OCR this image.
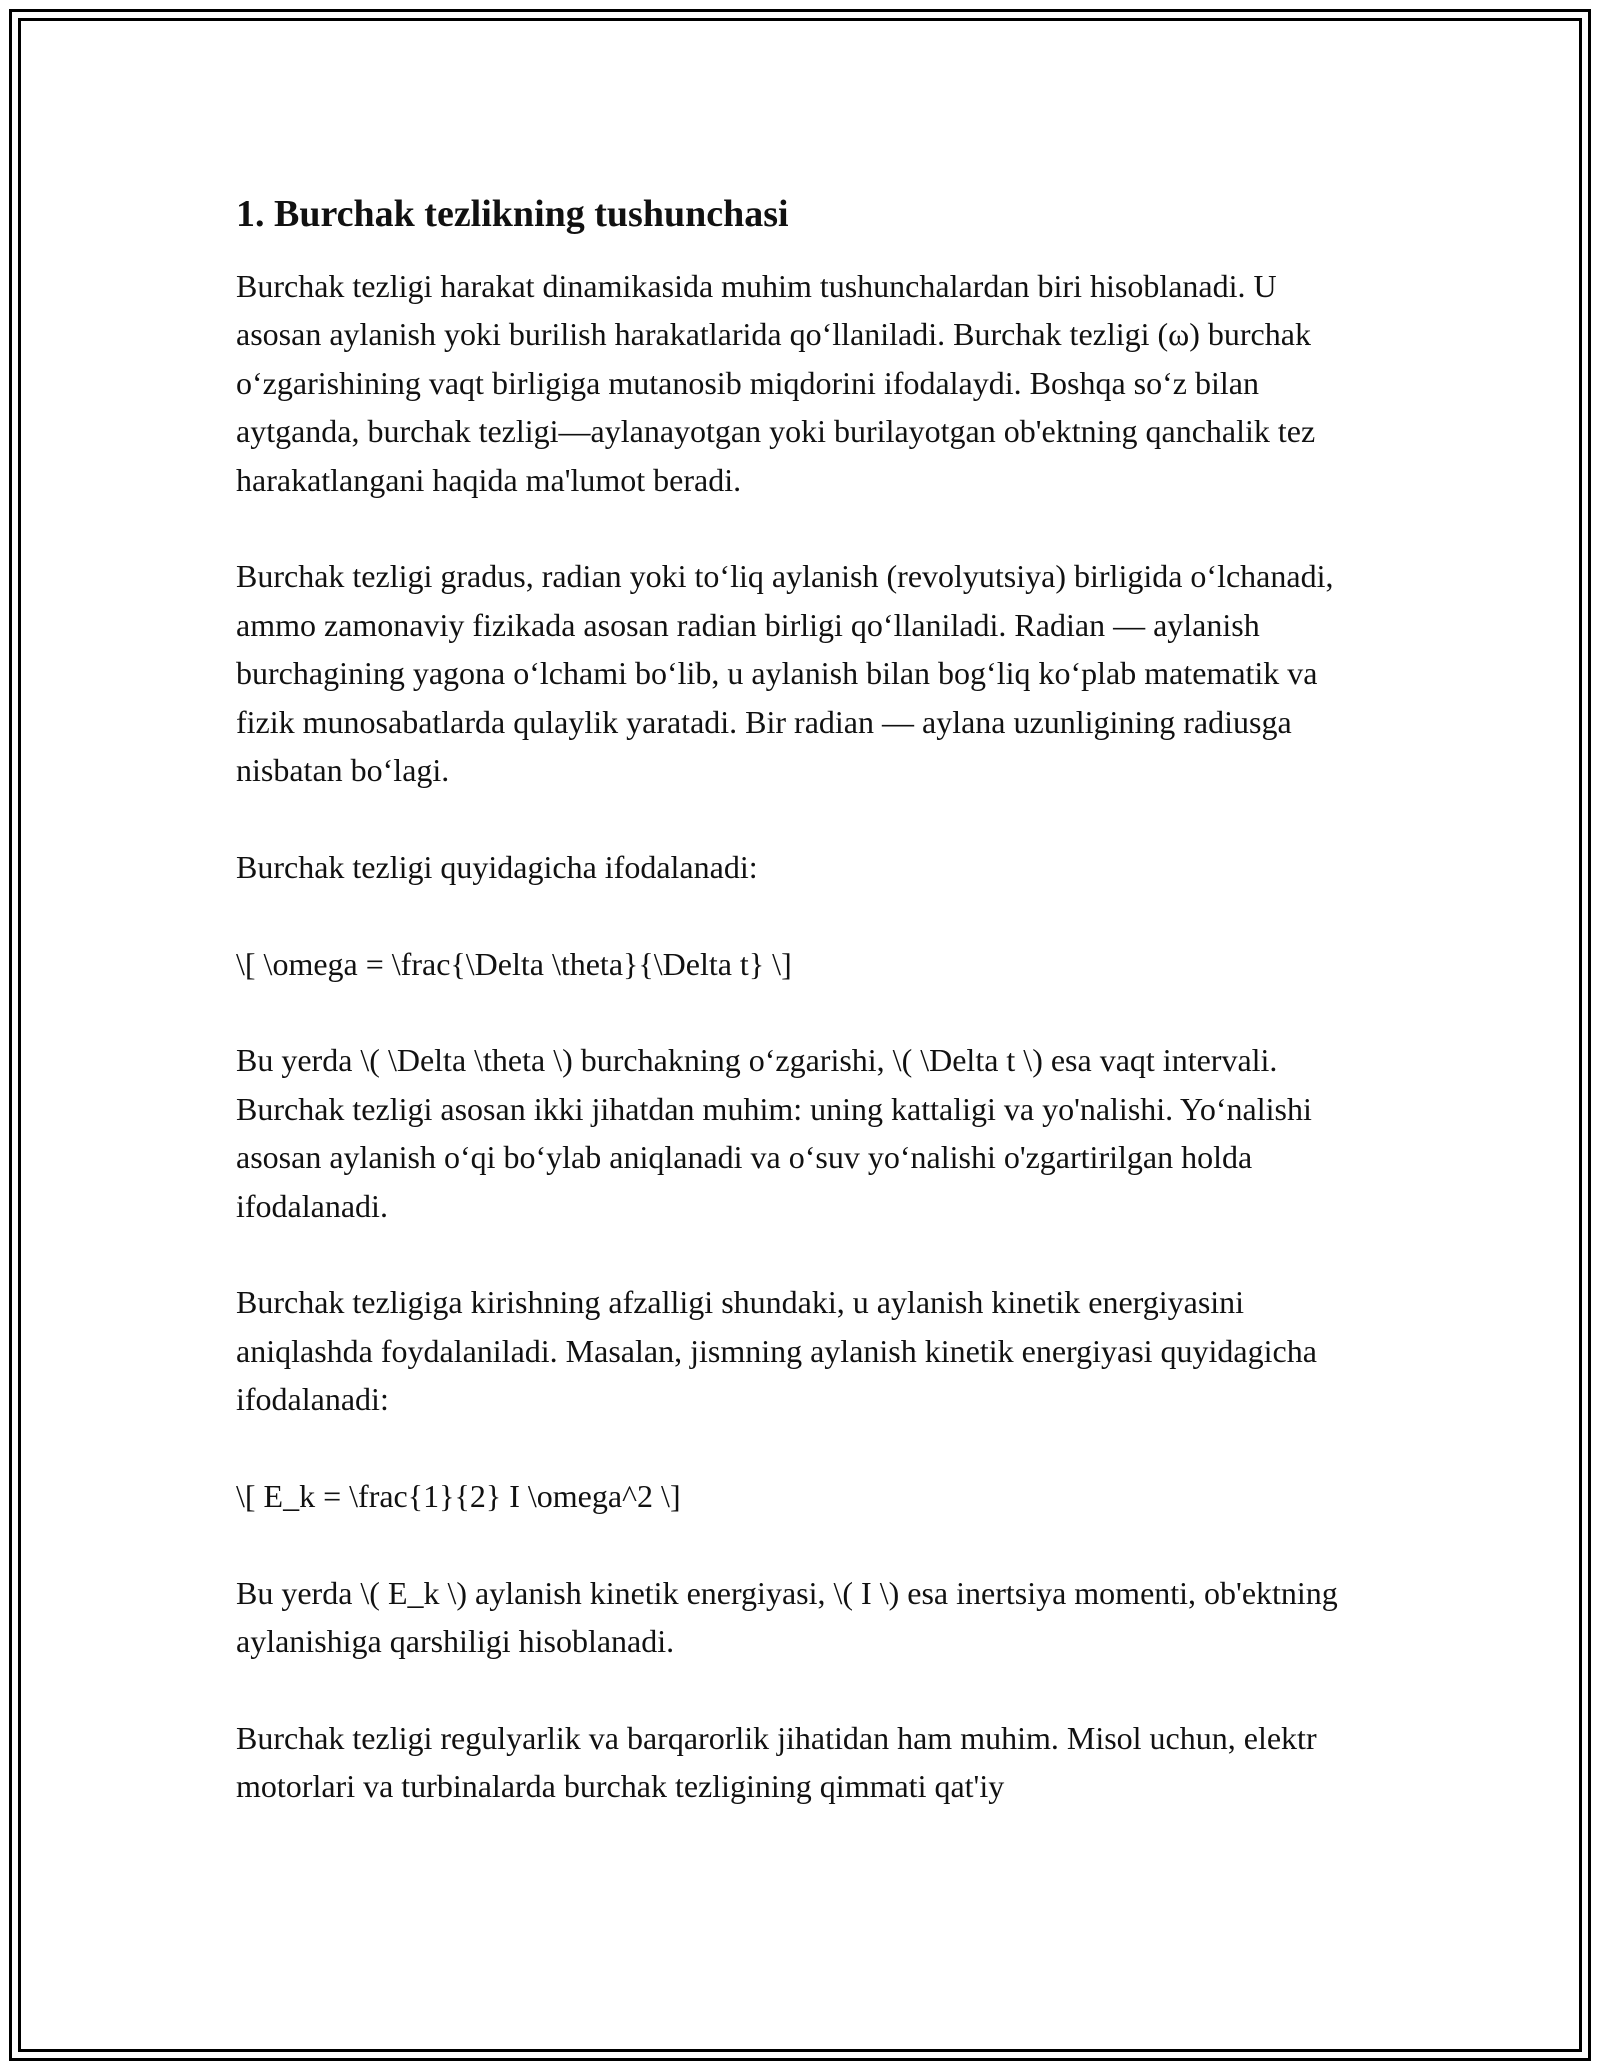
1. Burchak tezlikning tushunchasi

Burchak tezligi harakat dinamikasida muhim tushunchalardan biri hisoblanadi. U asosan aylanish yoki burilish harakatlarida qo‘llaniladi. Burchak tezligi (ω) burchak o‘zgarishining vaqt birligiga mutanosib miqdorini ifodalaydi. Boshqa so‘z bilan aytganda, burchak tezligi—aylanayotgan yoki burilayotgan ob'ektning qanchalik tez harakatlangani haqida ma'lumot beradi.

Burchak tezligi gradus, radian yoki to‘liq aylanish (revolyutsiya) birligida o‘lchanadi, ammo zamonaviy fizikada asosan radian birligi qo‘llaniladi. Radian — aylanish burchagining yagona o‘lchami bo‘lib, u aylanish bilan bog‘liq ko‘plab matematik va fizik munosabatlarda qulaylik yaratadi. Bir radian — aylana uzunligining radiusga nisbatan bo‘lagi.

Burchak tezligi quyidagicha ifodalanadi:

\[ \omega = \frac{\Delta \theta}{\Delta t} \]

Bu yerda \( \Delta \theta \) burchakning o‘zgarishi, \( \Delta t \) esa vaqt intervali. Burchak tezligi asosan ikki jihatdan muhim: uning kattaligi va yo'nalishi. Yo‘nalishi asosan aylanish o‘qi bo‘ylab aniqlanadi va o‘suv yo‘nalishi o'zgartirilgan holda ifodalanadi.

Burchak tezligiga kirishning afzalligi shundaki, u aylanish kinetik energiyasini aniqlashda foydalaniladi. Masalan, jismning aylanish kinetik energiyasi quyidagicha ifodalanadi:

\[ E_k = \frac{1}{2} I \omega^2 \]

Bu yerda \( E_k \) aylanish kinetik energiyasi, \( I \) esa inertsiya momenti, ob'ektning aylanishiga qarshiligi hisoblanadi.

Burchak tezligi regulyarlik va barqarorlik jihatidan ham muhim. Misol uchun, elektr motorlari va turbinalarda burchak tezligining qimmati qat'iy
